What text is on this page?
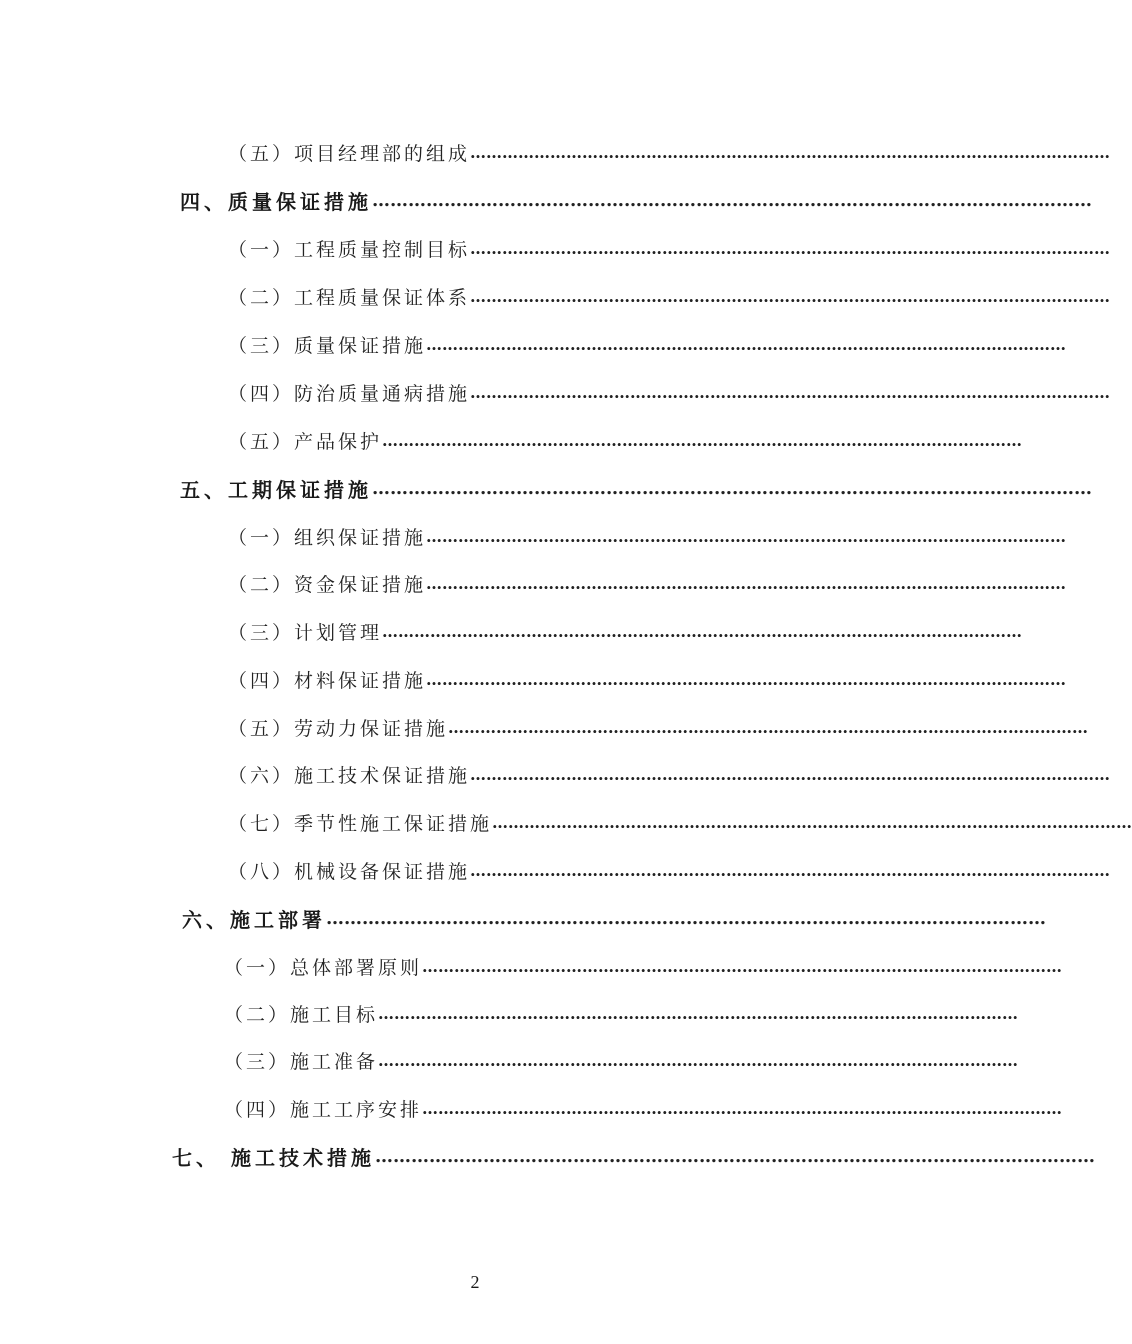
（五）项目经理部的组成 …………………………………………………………………………………………………………
四、质量保证措施 …………………………………………………………………………………………………………
（一）工程质量控制目标 …………………………………………………………………………………………………………
（二）工程质量保证体系 …………………………………………………………………………………………………………
（三）质量保证措施 …………………………………………………………………………………………………………
（四）防治质量通病措施 …………………………………………………………………………………………………………
（五）产品保护 …………………………………………………………………………………………………………
五、工期保证措施 …………………………………………………………………………………………………………
（一）组织保证措施 …………………………………………………………………………………………………………
（二）资金保证措施 …………………………………………………………………………………………………………
（三）计划管理 …………………………………………………………………………………………………………
（四）材料保证措施 …………………………………………………………………………………………………………
（五）劳动力保证措施 …………………………………………………………………………………………………………
（六）施工技术保证措施 …………………………………………………………………………………………………………
（七）季节性施工保证措施 …………………………………………………………………………………………………………
（八）机械设备保证措施 …………………………………………………………………………………………………………
六、施工部署 …………………………………………………………………………………………………………
（一）总体部署原则 …………………………………………………………………………………………………………
（二）施工目标 …………………………………………………………………………………………………………
（三）施工准备 …………………………………………………………………………………………………………
（四）施工工序安排 …………………………………………………………………………………………………………
七、 施工技术措施 …………………………………………………………………………………………………………
2
